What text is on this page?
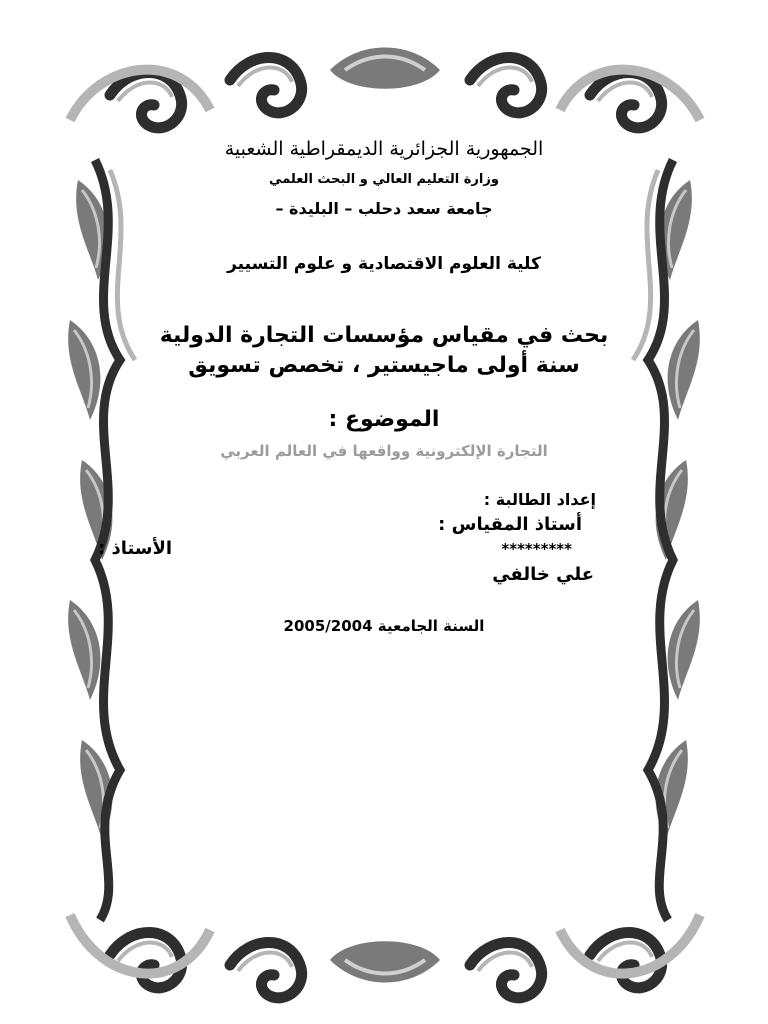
الجمهورية الجزائرية الديمقراطية الشعبية
وزارة التعليم العالي و البحث العلمي
جامعة سعد دحلب – البليدة –
كلية العلوم الاقتصادية و علوم التسيير
بحث في مقياس مؤسسات التجارة الدولية
سنة أولى ماجيستير ، تخصص تسويق
الموضوع :
التجارة الإلكترونية وواقعها في العالم العربي
إعداد الطالبة :
أستاذ المقياس :
*********
علي خالفي
الأستاذ :
السنة الجامعية 2005/2004
